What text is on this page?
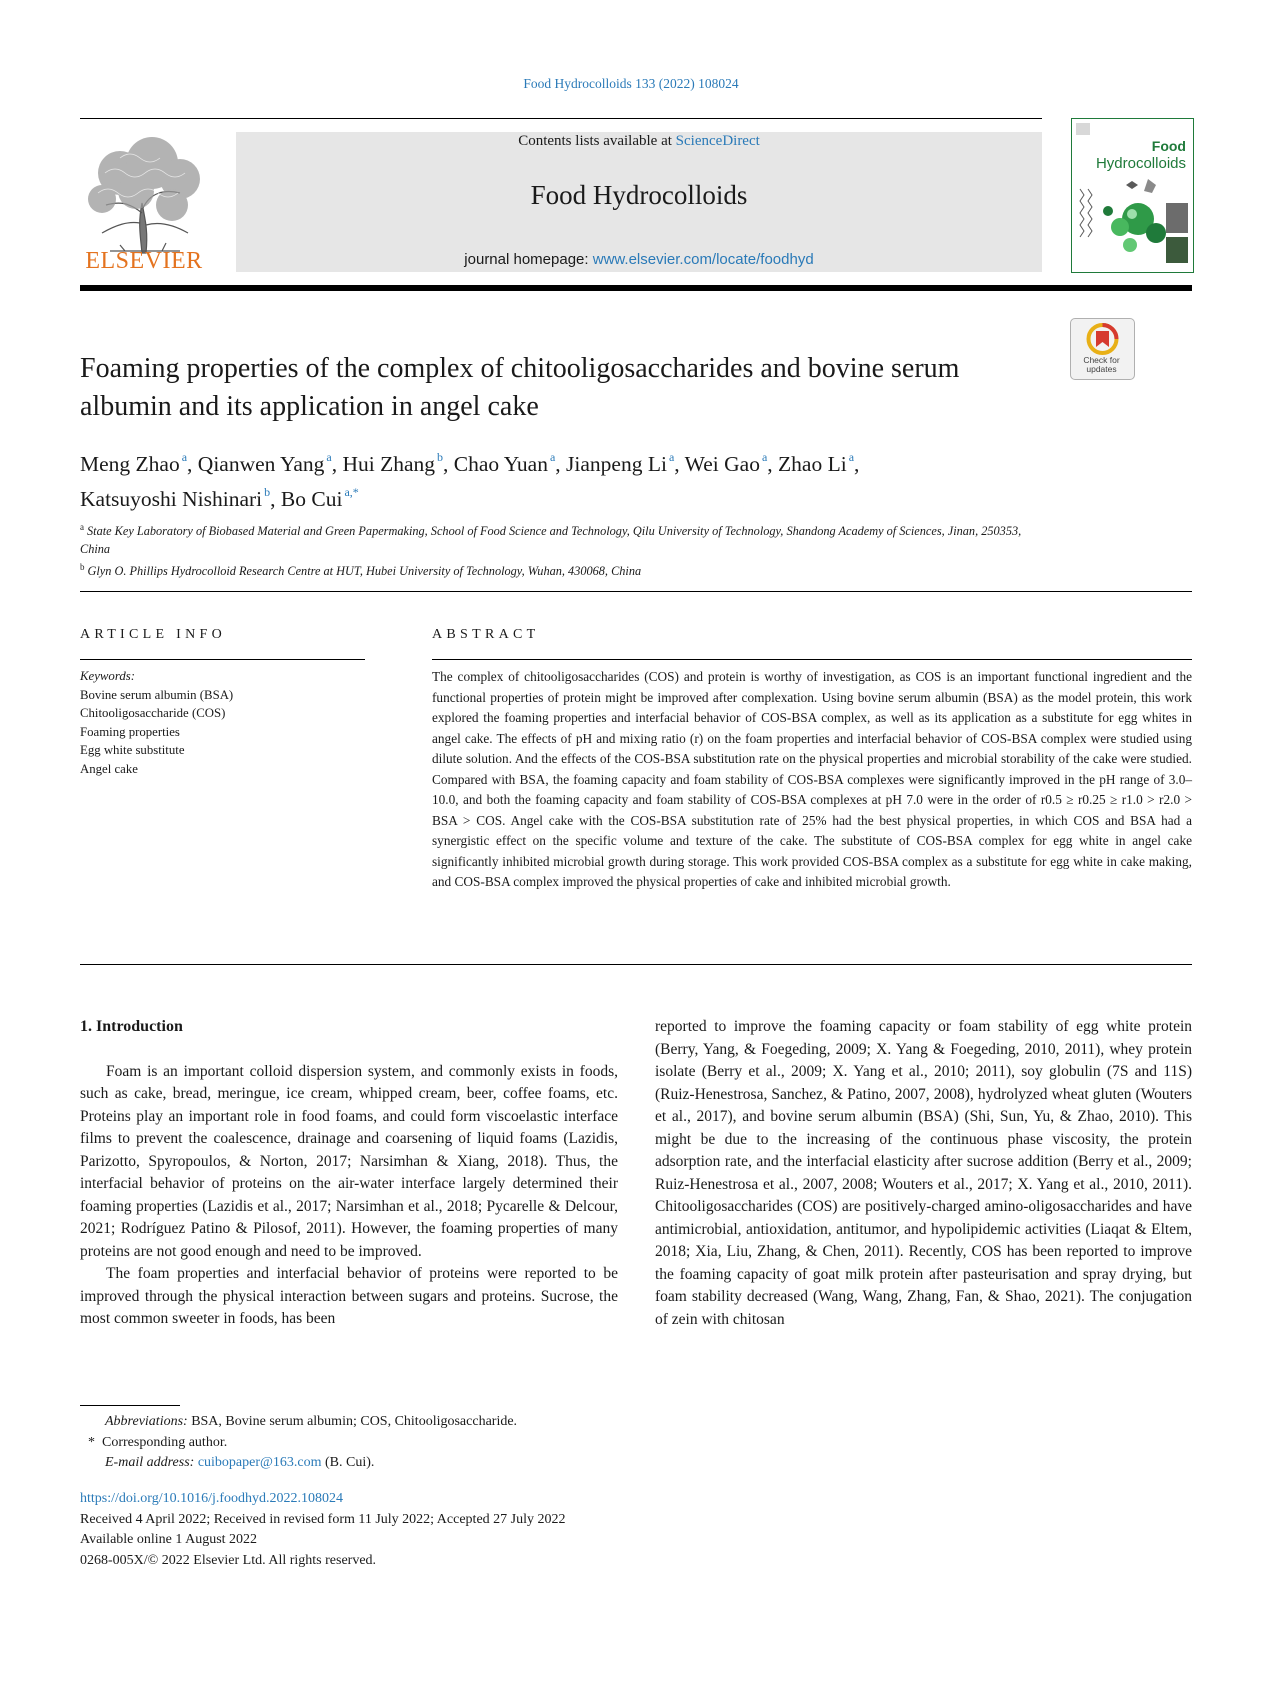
Food Hydrocolloids 133 (2022) 108024
ELSEVIER
Contents lists available at ScienceDirect
Food Hydrocolloids
journal homepage: www.elsevier.com/locate/foodhyd
Food
Hydrocolloids
Check for updates
Foaming properties of the complex of chitooligosaccharides and bovine serum albumin and its application in angel cake
Meng Zhao $^a$, Qianwen Yang $^a$, Hui Zhang $^b$, Chao Yuan $^a$, Jianpeng Li $^a$, Wei Gao $^a$, Zhao Li $^a$,
Katsuyoshi Nishinari $^b$, Bo Cui $^{a,*}$
$^a$ State Key Laboratory of Biobased Material and Green Papermaking, School of Food Science and Technology, Qilu University of Technology, Shandong Academy of Sciences, Jinan, 250353, China
$^b$ Glyn O. Phillips Hydrocolloid Research Centre at HUT, Hubei University of Technology, Wuhan, 430068, China
ARTICLE INFO
Keywords:
Bovine serum albumin (BSA)
Chitooligosaccharide (COS)
Foaming properties
Egg white substitute
Angel cake
ABSTRACT
The complex of chitooligosaccharides (COS) and protein is worthy of investigation, as COS is an important functional ingredient and the functional properties of protein might be improved after complexation. Using bovine serum albumin (BSA) as the model protein, this work explored the foaming properties and interfacial behavior of COS-BSA complex, as well as its application as a substitute for egg whites in angel cake. The effects of pH and mixing ratio (r) on the foam properties and interfacial behavior of COS-BSA complex were studied using dilute solution. And the effects of the COS-BSA substitution rate on the physical properties and microbial storability of the cake were studied. Compared with BSA, the foaming capacity and foam stability of COS-BSA complexes were significantly improved in the pH range of 3.0–10.0, and both the foaming capacity and foam stability of COS-BSA complexes at pH 7.0 were in the order of r0.5 ≥ r0.25 ≥ r1.0 > r2.0 > BSA > COS. Angel cake with the COS-BSA substitution rate of 25% had the best physical properties, in which COS and BSA had a synergistic effect on the specific volume and texture of the cake. The substitute of COS-BSA complex for egg white in angel cake significantly inhibited microbial growth during storage. This work provided COS-BSA complex as a substitute for egg white in cake making, and COS-BSA complex improved the physical properties of cake and inhibited microbial growth.
1. Introduction

Foam is an important colloid dispersion system, and commonly exists in foods, such as cake, bread, meringue, ice cream, whipped cream, beer, coffee foams, etc. Proteins play an important role in food foams, and could form viscoelastic interface films to prevent the coalescence, drainage and coarsening of liquid foams (Lazidis, Parizotto, Spyropoulos, & Norton, 2017; Narsimhan & Xiang, 2018). Thus, the interfacial behavior of proteins on the air-water interface largely determined their foaming properties (Lazidis et al., 2017; Narsimhan et al., 2018; Pycarelle & Delcour, 2021; Rodríguez Patino & Pilosof, 2011). However, the foaming properties of many proteins are not good enough and need to be improved.

The foam properties and interfacial behavior of proteins were reported to be improved through the physical interaction between sugars and proteins. Sucrose, the most common sweeter in foods, has been

reported to improve the foaming capacity or foam stability of egg white protein (Berry, Yang, & Foegeding, 2009; X. Yang & Foegeding, 2010, 2011), whey protein isolate (Berry et al., 2009; X. Yang et al., 2010; 2011), soy globulin (7S and 11S) (Ruiz-Henestrosa, Sanchez, & Patino, 2007, 2008), hydrolyzed wheat gluten (Wouters et al., 2017), and bovine serum albumin (BSA) (Shi, Sun, Yu, & Zhao, 2010). This might be due to the increasing of the continuous phase viscosity, the protein adsorption rate, and the interfacial elasticity after sucrose addition (Berry et al., 2009; Ruiz-Henestrosa et al., 2007, 2008; Wouters et al., 2017; X. Yang et al., 2010, 2011). Chitooligosaccharides (COS) are positively-charged amino-oligosaccharides and have antimicrobial, antioxidation, antitumor, and hypolipidemic activities (Liaqat & Eltem, 2018; Xia, Liu, Zhang, & Chen, 2011). Recently, COS has been reported to improve the foaming capacity of goat milk protein after pasteurisation and spray drying, but foam stability decreased (Wang, Wang, Zhang, Fan, & Shao, 2021). The conjugation of zein with chitosan
Abbreviations: BSA, Bovine serum albumin; COS, Chitooligosaccharide.
*  Corresponding author.
E-mail address: cuibopaper@163.com (B. Cui).
https://doi.org/10.1016/j.foodhyd.2022.108024
Received 4 April 2022; Received in revised form 11 July 2022; Accepted 27 July 2022
Available online 1 August 2022
0268-005X/© 2022 Elsevier Ltd. All rights reserved.
